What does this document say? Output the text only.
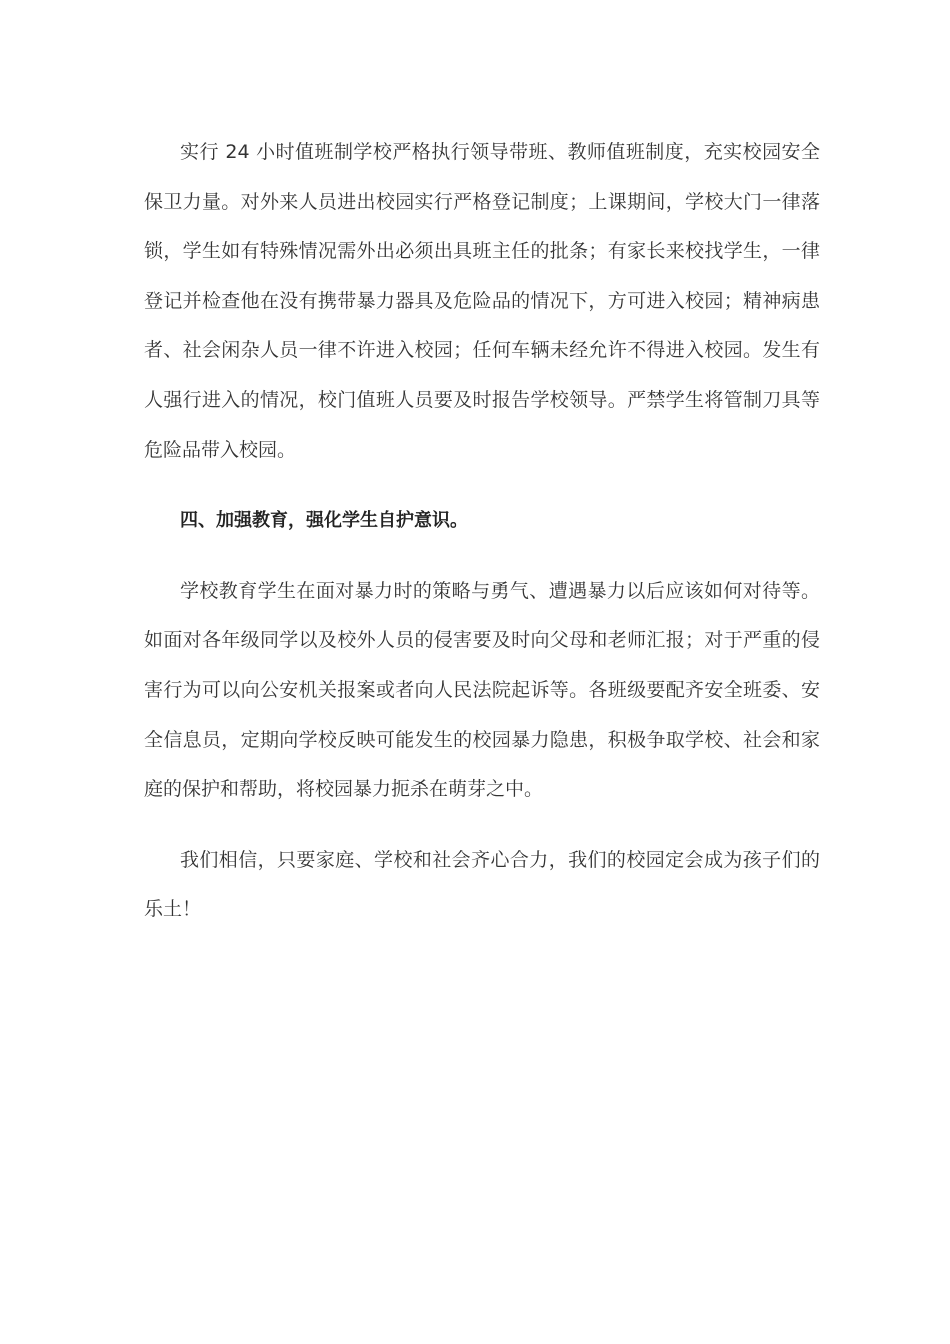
实行 24 小时值班制学校严格执行领导带班、教师值班制度，充实校园安全保卫力量。对外来人员进出校园实行严格登记制度；上课期间，学校大门一律落锁，学生如有特殊情况需外出必须出具班主任的批条；有家长来校找学生，一律登记并检查他在没有携带暴力器具及危险品的情况下，方可进入校园；精神病患者、社会闲杂人员一律不许进入校园；任何车辆未经允许不得进入校园。发生有人强行进入的情况，校门值班人员要及时报告学校领导。严禁学生将管制刀具等危险品带入校园。

四、加强教育，强化学生自护意识。

学校教育学生在面对暴力时的策略与勇气、遭遇暴力以后应该如何对待等。如面对各年级同学以及校外人员的侵害要及时向父母和老师汇报；对于严重的侵害行为可以向公安机关报案或者向人民法院起诉等。各班级要配齐安全班委、安全信息员，定期向学校反映可能发生的校园暴力隐患，积极争取学校、社会和家庭的保护和帮助，将校园暴力扼杀在萌芽之中。

我们相信，只要家庭、学校和社会齐心合力，我们的校园定会成为孩子们的乐土！
